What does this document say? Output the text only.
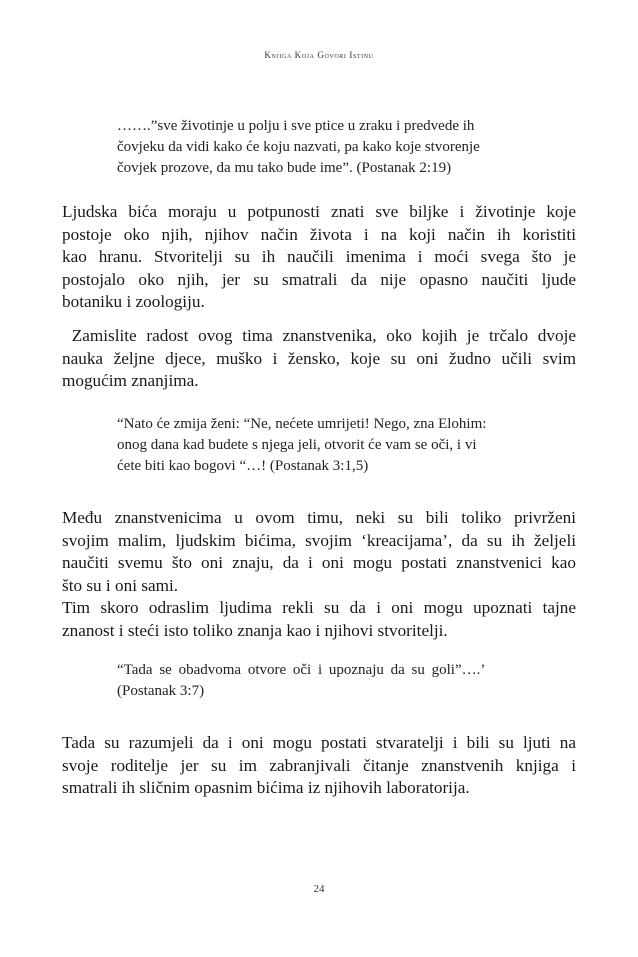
Knjiga Koja Govori Istinu
…….”sve životinje u polju i sve ptice u zraku i predvede ih
čovjeku da vidi kako će koju nazvati, pa kako koje stvorenje
čovjek prozove, da mu tako bude ime”. (Postanak 2:19)
Ljudska bića moraju u potpunosti znati sve biljke i životinje koje
postoje oko njih, njihov način života i na koji način ih koristiti
kao hranu. Stvoritelji su ih naučili imenima i moći svega što je
postojalo oko njih, jer su smatrali da nije opasno naučiti ljude
botaniku i zoologiju.
Zamislite radost ovog tima znanstvenika, oko kojih je trčalo dvoje
nauka željne djece, muško i žensko, koje su oni žudno učili svim
mogućim znanjima.
“Nato će zmija ženi: “Ne, nećete umrijeti! Nego, zna Elohim:
onog dana kad budete s njega jeli, otvorit će vam se oči, i vi
ćete biti kao bogovi “…! (Postanak 3:1,5)
Među znanstvenicima u ovom timu, neki su bili toliko privrženi
svojim malim, ljudskim bićima, svojim ‘kreacijama’, da su ih željeli
naučiti svemu što oni znaju, da i oni mogu postati znanstvenici kao
što su i oni sami.
Tim skoro odraslim ljudima rekli su da i oni mogu upoznati tajne
znanost i steći isto toliko znanja kao i njihovi stvoritelji.
“Tada se obadvoma otvore oči i upoznaju da su goli”….’
(Postanak 3:7)
Tada su razumjeli da i oni mogu postati stvaratelji i bili su ljuti na
svoje roditelje jer su im zabranjivali čitanje znanstvenih knjiga i
smatrali ih sličnim opasnim bićima iz njihovih laboratorija.
24
